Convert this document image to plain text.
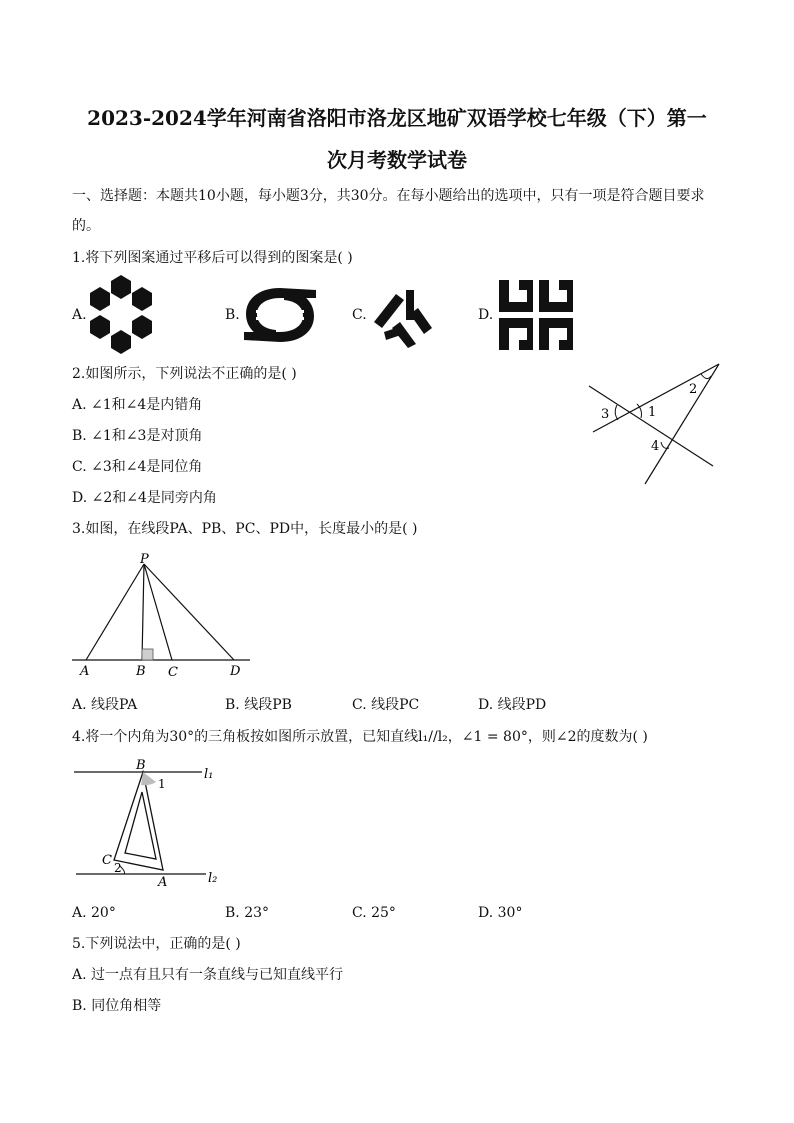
2023-2024学年河南省洛阳市洛龙区地矿双语学校七年级（下）第一
次月考数学试卷
一、选择题：本题共10小题，每小题3分，共30分。在每小题给出的选项中，只有一项是符合题目要求
的。
1.将下列图案通过平移后可以得到的图案是( )
A.	B.	C.	D.
2.如图所示，下列说法不正确的是( )
A. ∠1和∠4是内错角
B. ∠1和∠3是对顶角
C. ∠3和∠4是同位角
D. ∠2和∠4是同旁内角
1
2
3
4
3.如图，在线段PA、PB、PC、PD中，长度最小的是( )
P
A	B C	D
A. 线段PA	B. 线段PB	C. 线段PC	D. 线段PD
4.将一个内角为30°的三角板按如图所示放置，已知直线l₁//l₂，∠1 = 80°，则∠2的度数为( )
B
1
C 2
A
l₁
l₂
A. 20°	B. 23°	C. 25°	D. 30°
5.下列说法中，正确的是( )
A. 过一点有且只有一条直线与已知直线平行
B. 同位角相等
